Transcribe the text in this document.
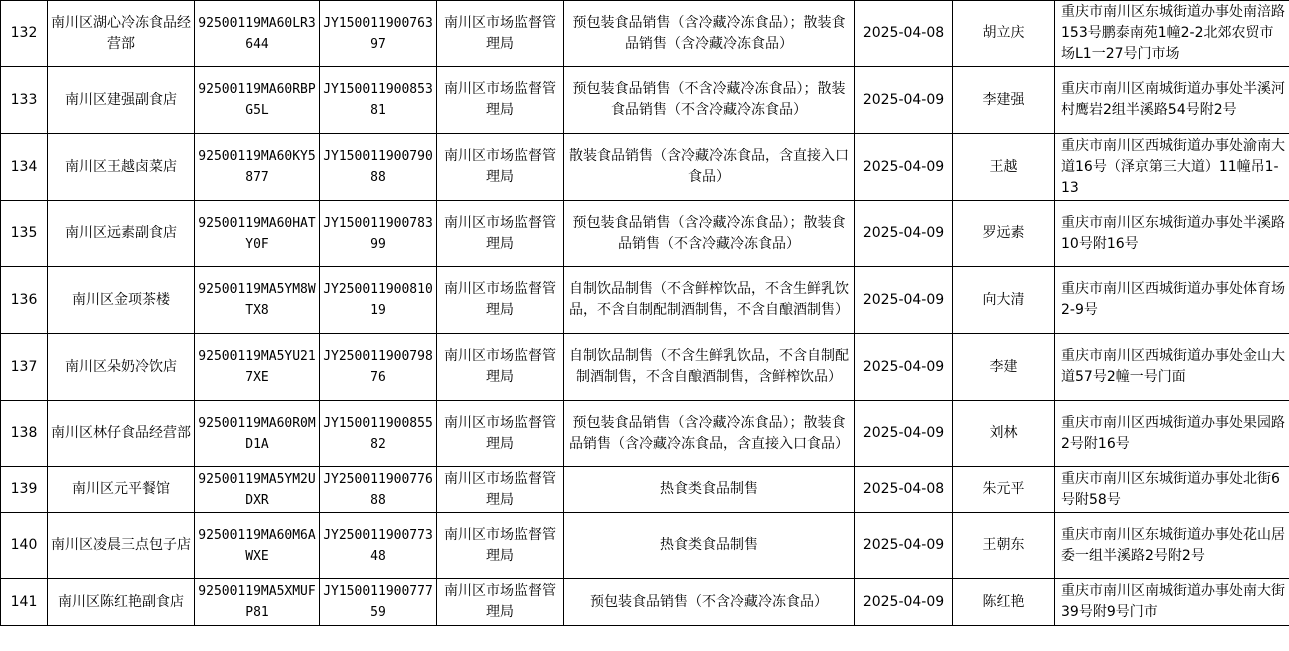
132	南川区湖心冷冻食品经营部	92500119MA60LR3644	JY15001190076397	南川区市场监督管理局	预包装食品销售（含冷藏冷冻食品）；散装食品销售（含冷藏冷冻食品）	2025-04-08	胡立庆	重庆市南川区东城街道办事处南涪路153号鹏泰南苑1幢2-2北郊农贸市场L1一27号门市场
133	南川区建强副食店	92500119MA60RBPG5L	JY15001190085381	南川区市场监督管理局	预包装食品销售（不含冷藏冷冻食品）；散装食品销售（不含冷藏冷冻食品）	2025-04-09	李建强	重庆市南川区南城街道办事处半溪河村鹰岩2组半溪路54号附2号
134	南川区王越卤菜店	92500119MA60KY5877	JY15001190079088	南川区市场监督管理局	散装食品销售（含冷藏冷冻食品，含直接入口食品）	2025-04-09	王越	重庆市南川区西城街道办事处渝南大道16号（泽京第三大道）11幢吊1-13
135	南川区远素副食店	92500119MA60HATY0F	JY15001190078399	南川区市场监督管理局	预包装食品销售（含冷藏冷冻食品）；散装食品销售（不含冷藏冷冻食品）	2025-04-09	罗远素	重庆市南川区东城街道办事处半溪路10号附16号
136	南川区金项茶楼	92500119MA5YM8WTX8	JY25001190081019	南川区市场监督管理局	自制饮品制售（不含鲜榨饮品，不含生鲜乳饮品，不含自制配制酒制售，不含自酿酒制售）	2025-04-09	向大清	重庆市南川区西城街道办事处体育场2-9号
137	南川区朵奶冷饮店	92500119MA5YU217XE	JY25001190079876	南川区市场监督管理局	自制饮品制售（不含生鲜乳饮品，不含自制配制酒制售，不含自酿酒制售，含鲜榨饮品）	2025-04-09	李建	重庆市南川区西城街道办事处金山大道57号2幢一号门面
138	南川区林仔食品经营部	92500119MA60R0MD1A	JY15001190085582	南川区市场监督管理局	预包装食品销售（含冷藏冷冻食品）；散装食品销售（含冷藏冷冻食品，含直接入口食品）	2025-04-09	刘林	重庆市南川区西城街道办事处果园路2号附16号
139	南川区元平餐馆	92500119MA5YM2UDXR	JY25001190077688	南川区市场监督管理局	热食类食品制售	2025-04-08	朱元平	重庆市南川区东城街道办事处北街6号附58号
140	南川区凌晨三点包子店	92500119MA60M6AWXE	JY25001190077348	南川区市场监督管理局	热食类食品制售	2025-04-09	王朝东	重庆市南川区东城街道办事处花山居委一组半溪路2号附2号
141	南川区陈红艳副食店	92500119MA5XMUFP81	JY15001190077759	南川区市场监督管理局	预包装食品销售（不含冷藏冷冻食品）	2025-04-09	陈红艳	重庆市南川区南城街道办事处南大街39号附9号门市
